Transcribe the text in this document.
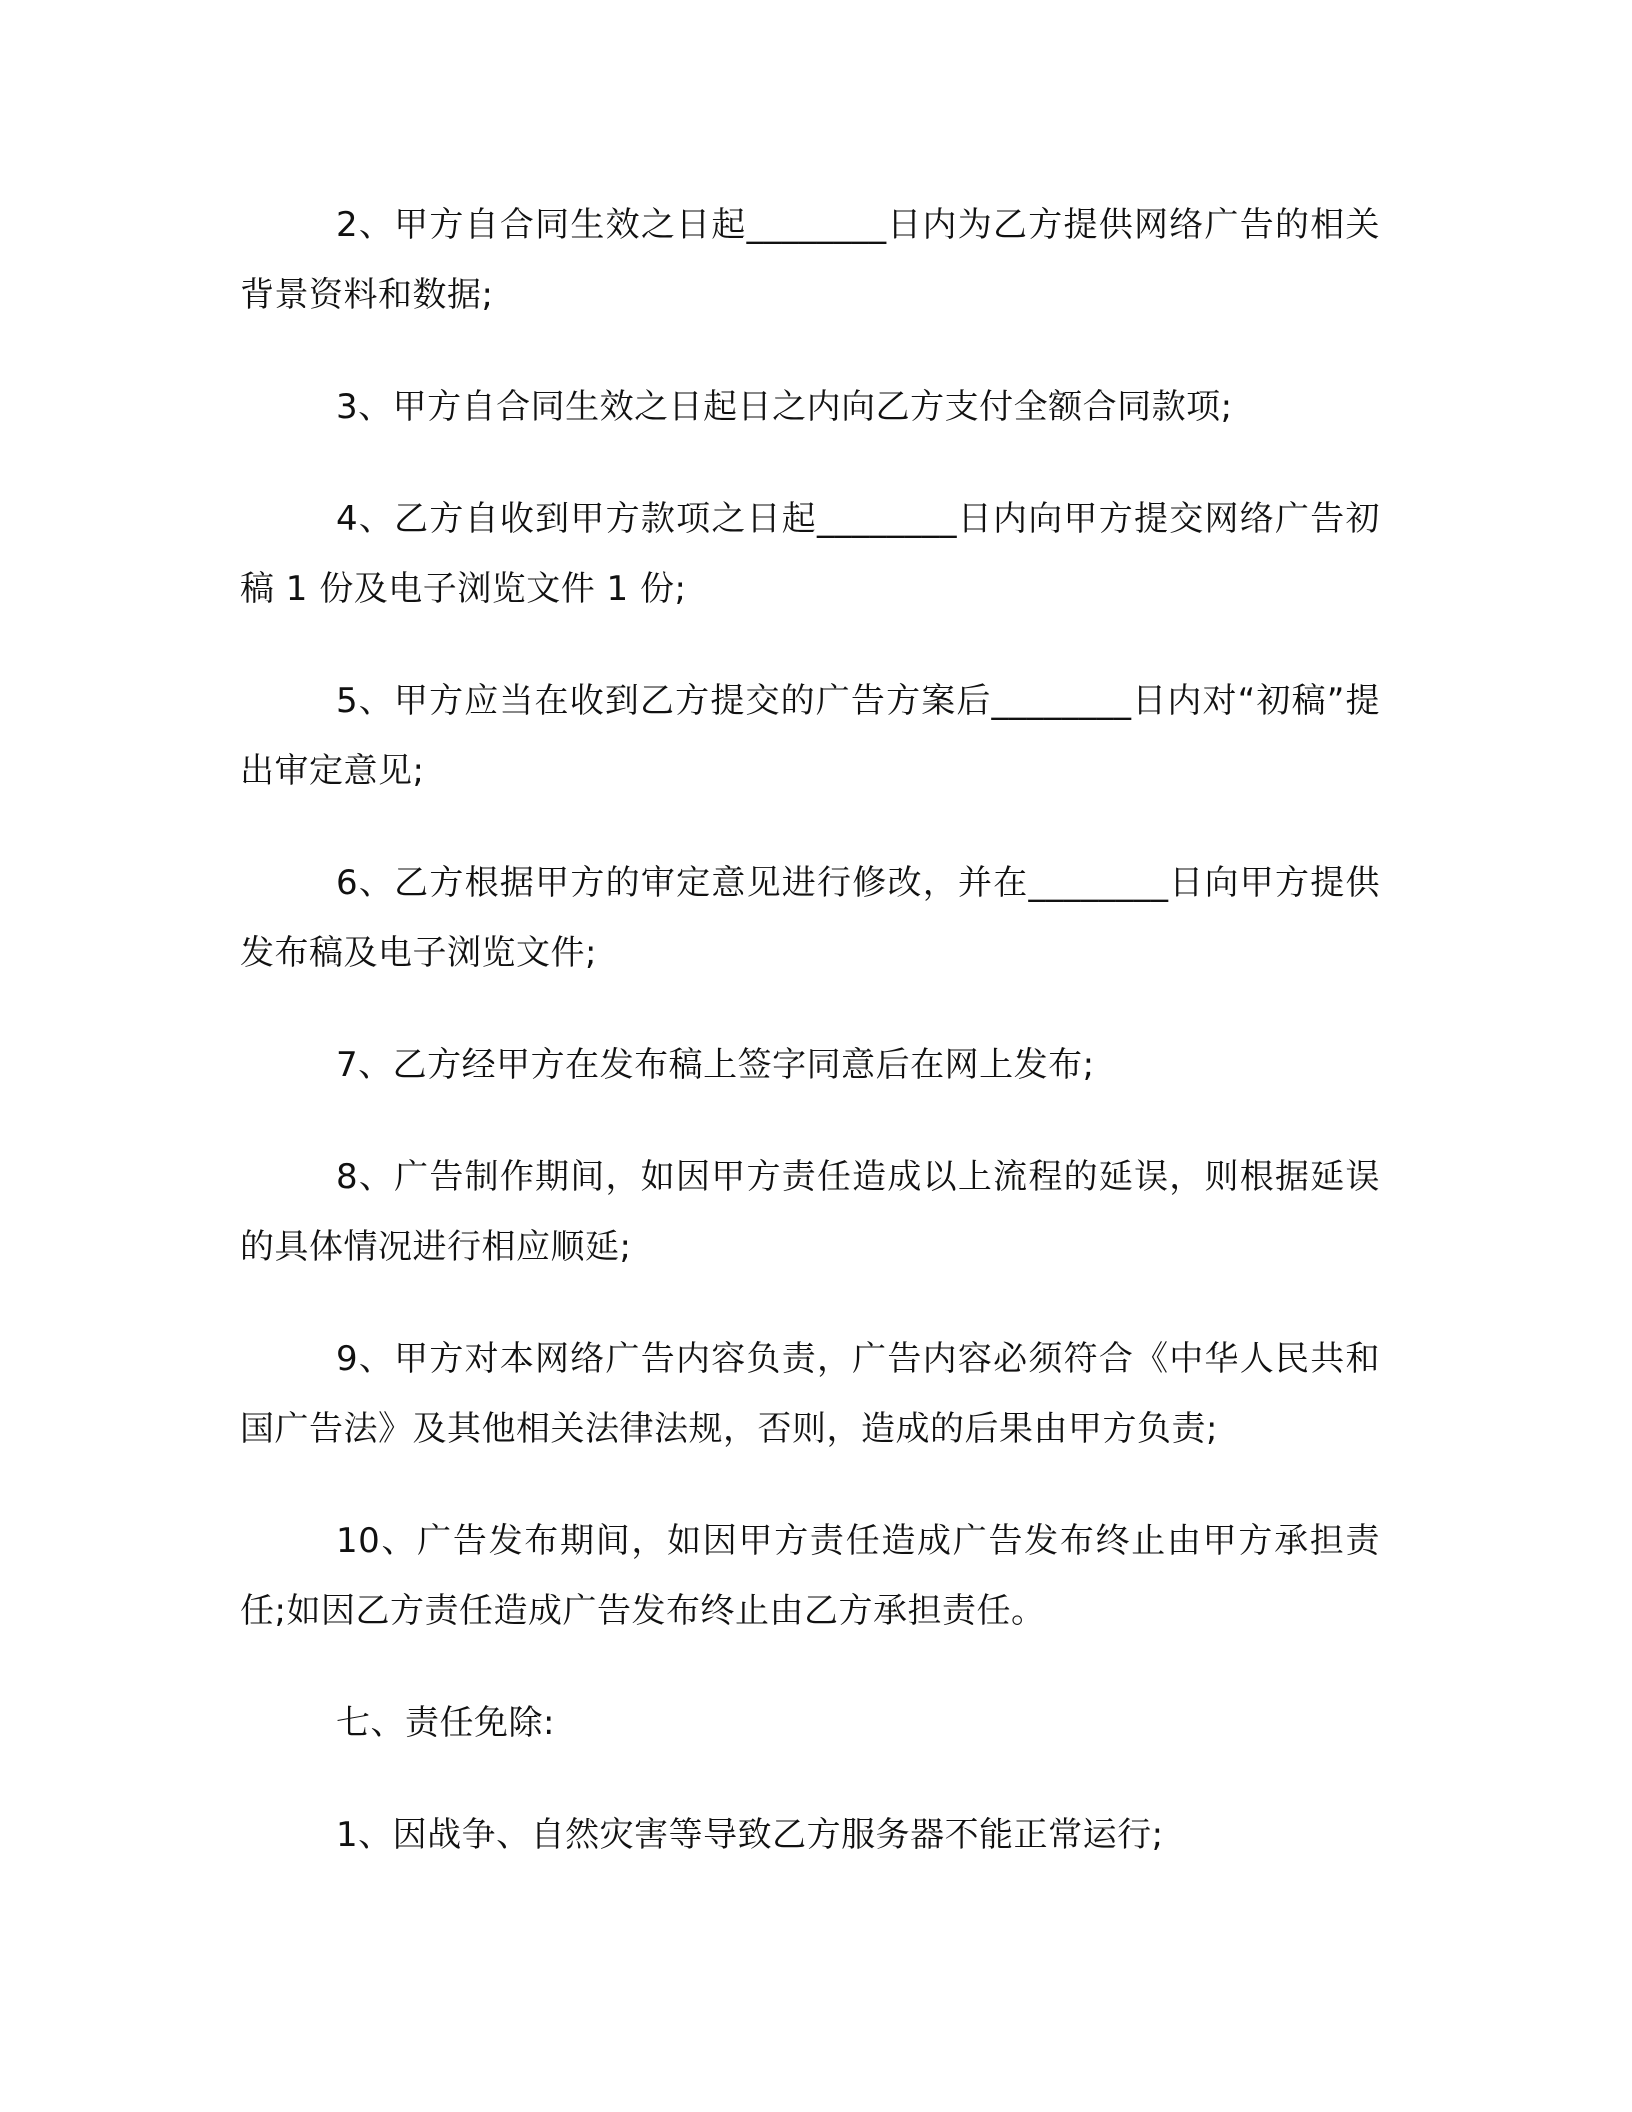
2、甲方自合同生效之日起________日内为乙方提供网络广告的相关背景资料和数据;

3、甲方自合同生效之日起日之内向乙方支付全额合同款项;

4、乙方自收到甲方款项之日起________日内向甲方提交网络广告初稿 1 份及电子浏览文件 1 份;

5、甲方应当在收到乙方提交的广告方案后________日内对“初稿”提出审定意见;

6、乙方根据甲方的审定意见进行修改，并在________日向甲方提供发布稿及电子浏览文件;

7、乙方经甲方在发布稿上签字同意后在网上发布;

8、广告制作期间，如因甲方责任造成以上流程的延误，则根据延误的具体情况进行相应顺延;

9、甲方对本网络广告内容负责，广告内容必须符合《中华人民共和国广告法》及其他相关法律法规，否则，造成的后果由甲方负责;

10、广告发布期间，如因甲方责任造成广告发布终止由甲方承担责任;如因乙方责任造成广告发布终止由乙方承担责任。

七、责任免除:

1、因战争、自然灾害等导致乙方服务器不能正常运行;
